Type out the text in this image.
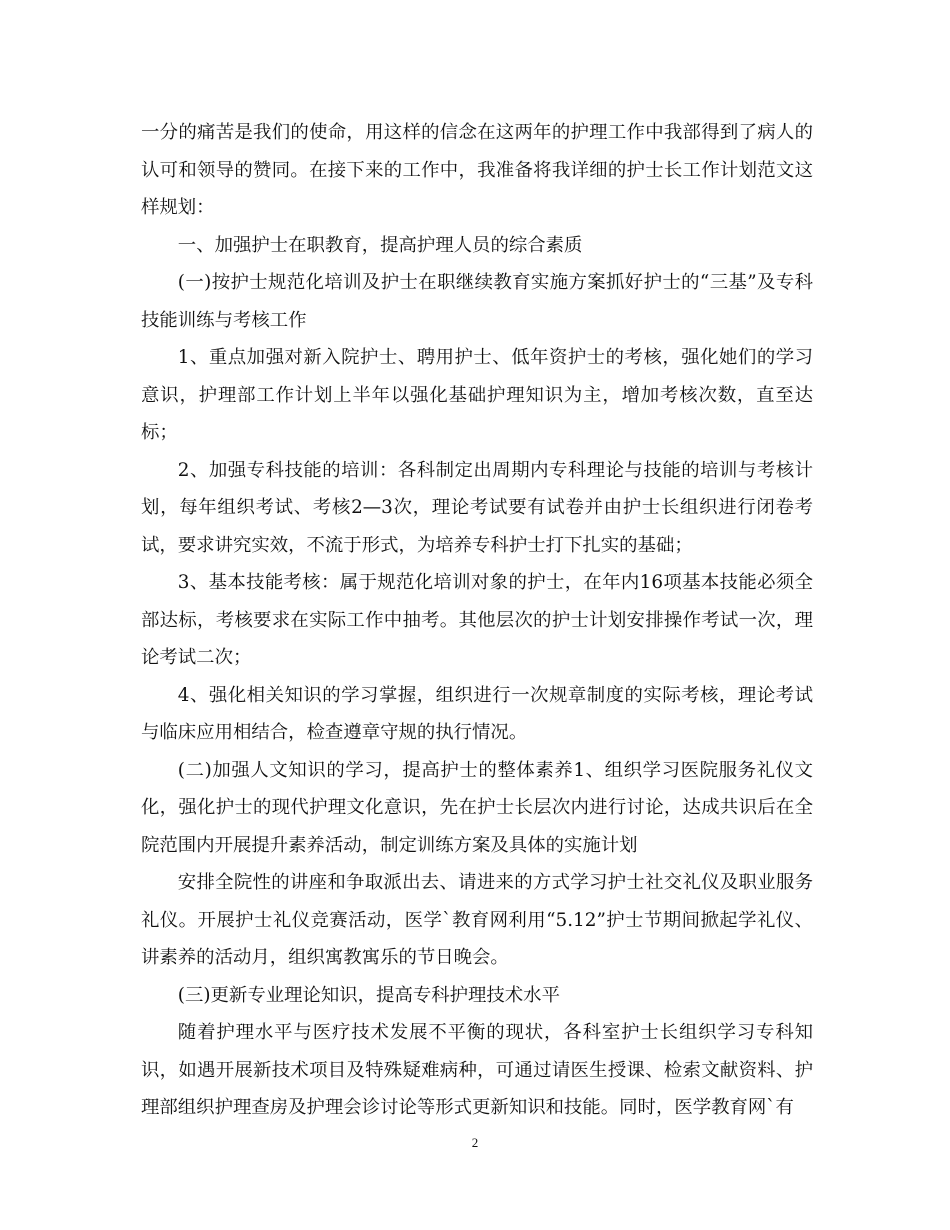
一分的痛苦是我们的使命，用这样的信念在这两年的护理工作中我部得到了病人的认可和领导的赞同。在接下来的工作中，我准备将我详细的护士长工作计划范文这样规划：

一、加强护士在职教育，提高护理人员的综合素质

(一)按护士规范化培训及护士在职继续教育实施方案抓好护士的“三基”及专科技能训练与考核工作

1、重点加强对新入院护士、聘用护士、低年资护士的考核，强化她们的学习意识，护理部工作计划上半年以强化基础护理知识为主，增加考核次数，直至达标；

2、加强专科技能的培训：各科制定出周期内专科理论与技能的培训与考核计划，每年组织考试、考核2—3次，理论考试要有试卷并由护士长组织进行闭卷考试，要求讲究实效，不流于形式，为培养专科护士打下扎实的基础；

3、基本技能考核：属于规范化培训对象的护士，在年内16项基本技能必须全部达标，考核要求在实际工作中抽考。其他层次的护士计划安排操作考试一次，理论考试二次；

4、强化相关知识的学习掌握，组织进行一次规章制度的实际考核，理论考试与临床应用相结合，检查遵章守规的执行情况。

(二)加强人文知识的学习，提高护士的整体素养1、组织学习医院服务礼仪文化，强化护士的现代护理文化意识，先在护士长层次内进行讨论，达成共识后在全院范围内开展提升素养活动，制定训练方案及具体的实施计划

安排全院性的讲座和争取派出去、请进来的方式学习护士社交礼仪及职业服务礼仪。开展护士礼仪竞赛活动，医学`教育网利用“5.12”护士节期间掀起学礼仪、讲素养的活动月，组织寓教寓乐的节日晚会。

(三)更新专业理论知识，提高专科护理技术水平

随着护理水平与医疗技术发展不平衡的现状，各科室护士长组织学习专科知识，如遇开展新技术项目及特殊疑难病种，可通过请医生授课、检索文献资料、护理部组织护理查房及护理会诊讨论等形式更新知识和技能。同时，医学教育网`有

2
